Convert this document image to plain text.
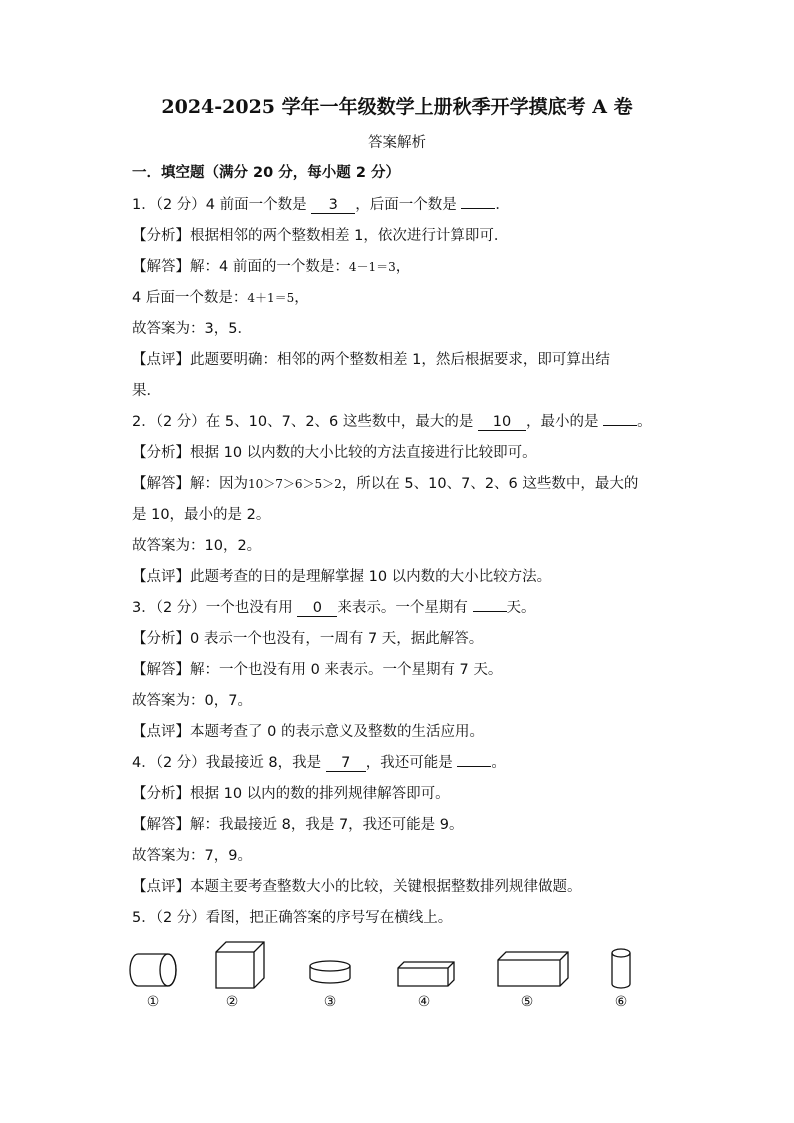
2024-2025 学年一年级数学上册秋季开学摸底考 A 卷
答案解析
一．填空题（满分 20 分，每小题 2 分）
1．（2 分）4 前面一个数是 3 ，后面一个数是 ．
【分析】根据相邻的两个整数相差 1，依次进行计算即可．
【解答】解：4 前面的一个数是：4－1＝3，
4 后面一个数是：4＋1＝5，
故答案为：3，5．
【点评】此题要明确：相邻的两个整数相差 1，然后根据要求，即可算出结
果．
2．（2 分）在 5、10、7、2、6 这些数中，最大的是 10 ，最小的是 。
【分析】根据 10 以内数的大小比较的方法直接进行比较即可。
【解答】解：因为10＞7＞6＞5＞2，所以在 5、10、7、2、6 这些数中，最大的
是 10，最小的是 2。
故答案为：10，2。
【点评】此题考查的日的是理解掌握 10 以内数的大小比较方法。
3．（2 分）一个也没有用 0 来表示。一个星期有 天。
【分析】0 表示一个也没有，一周有 7 天，据此解答。
【解答】解：一个也没有用 0 来表示。一个星期有 7 天。
故答案为：0，7。
【点评】本题考查了 0 的表示意义及整数的生活应用。
4．（2 分）我最接近 8，我是 7 ，我还可能是 。
【分析】根据 10 以内的数的排列规律解答即可。
【解答】解：我最接近 8，我是 7，我还可能是 9。
故答案为：7，9。
【点评】本题主要考查整数大小的比较，关键根据整数排列规律做题。
5．（2 分）看图，把正确答案的序号写在横线上。
①	②	③	④	⑤	⑥
